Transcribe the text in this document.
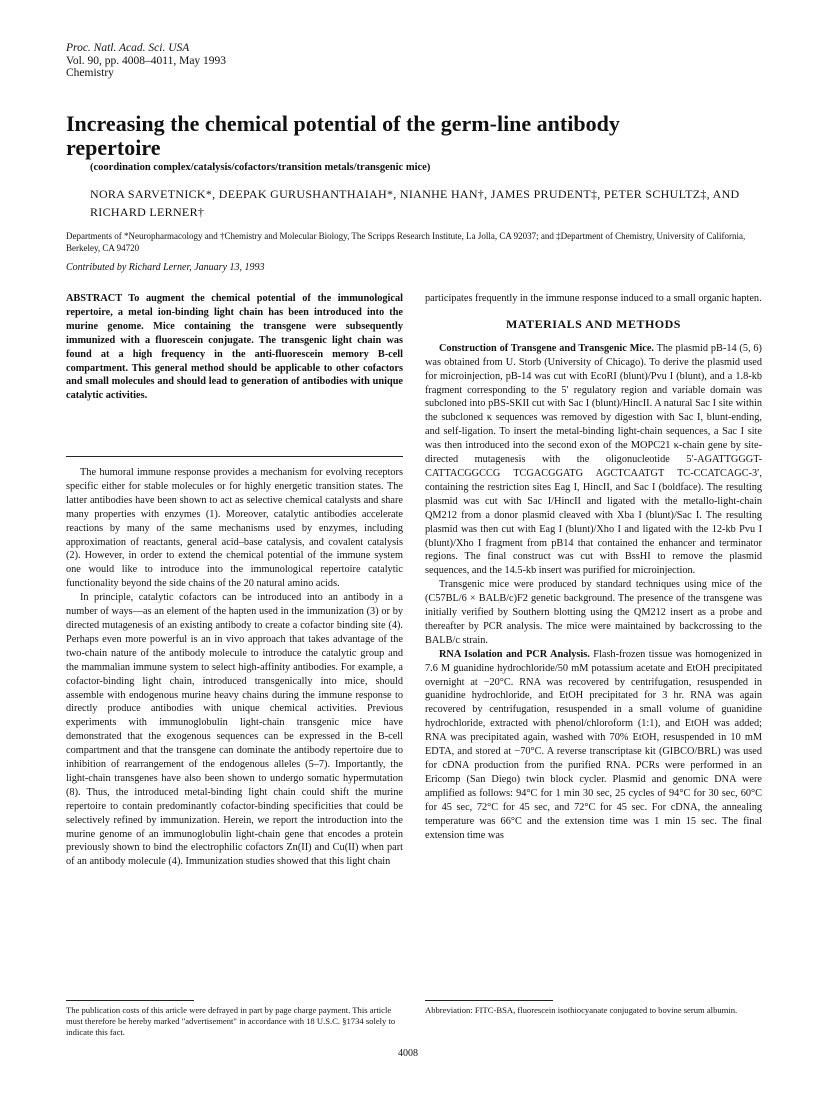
Proc. Natl. Acad. Sci. USA
Vol. 90, pp. 4008–4011, May 1993
Chemistry
Increasing the chemical potential of the germ-line antibody repertoire
(coordination complex/catalysis/cofactors/transition metals/transgenic mice)
NORA SARVETNICK*, DEEPAK GURUSHANTHAIAH*, NIANHE HAN†, JAMES PRUDENT‡, PETER SCHULTZ‡, AND RICHARD LERNER†
Departments of *Neuropharmacology and †Chemistry and Molecular Biology, The Scripps Research Institute, La Jolla, CA 92037; and ‡Department of Chemistry, University of California, Berkeley, CA 94720
Contributed by Richard Lerner, January 13, 1993
ABSTRACT To augment the chemical potential of the immunological repertoire, a metal ion-binding light chain has been introduced into the murine genome. Mice containing the transgene were subsequently immunized with a fluorescein conjugate. The transgenic light chain was found at a high frequency in the anti-fluorescein memory B-cell compartment. This general method should be applicable to other cofactors and small molecules and should lead to generation of antibodies with unique catalytic activities.

The humoral immune response provides a mechanism for evolving receptors specific either for stable molecules or for highly energetic transition states. The latter antibodies have been shown to act as selective chemical catalysts and share many properties with enzymes (1). Moreover, catalytic antibodies accelerate reactions by many of the same mechanisms used by enzymes, including approximation of reactants, general acid–base catalysis, and covalent catalysis (2). However, in order to extend the chemical potential of the immune system one would like to introduce into the immunological repertoire catalytic functionality beyond the side chains of the 20 natural amino acids.

In principle, catalytic cofactors can be introduced into an antibody in a number of ways—as an element of the hapten used in the immunization (3) or by directed mutagenesis of an existing antibody to create a cofactor binding site (4). Perhaps even more powerful is an in vivo approach that takes advantage of the two-chain nature of the antibody molecule to introduce the catalytic group and the mammalian immune system to select high-affinity antibodies. For example, a cofactor-binding light chain, introduced transgenically into mice, should assemble with endogenous murine heavy chains during the immune response to directly produce antibodies with unique chemical activities. Previous experiments with immunoglobulin light-chain transgenic mice have demonstrated that the exogenous sequences can be expressed in the B-cell compartment and that the transgene can dominate the antibody repertoire due to inhibition of rearrangement of the endogenous alleles (5–7). Importantly, the light-chain transgenes have also been shown to undergo somatic hypermutation (8). Thus, the introduced metal-binding light chain could shift the murine repertoire to contain predominantly cofactor-binding specificities that could be selectively refined by immunization. Herein, we report the introduction into the murine genome of an immunoglobulin light-chain gene that encodes a protein previously shown to bind the electrophilic cofactors Zn(II) and Cu(II) when part of an antibody molecule (4). Immunization studies showed that this light chain

participates frequently in the immune response induced to a small organic hapten.

MATERIALS AND METHODS

Construction of Transgene and Transgenic Mice. The plasmid pB-14 (5, 6) was obtained from U. Storb (University of Chicago). To derive the plasmid used for microinjection, pB-14 was cut with EcoRI (blunt)/Pvu I (blunt), and a 1.8-kb fragment corresponding to the 5′ regulatory region and variable domain was subcloned into pBS-SKII cut with Sac I (blunt)/HincII. A natural Sac I site within the subcloned κ sequences was removed by digestion with Sac I, blunt-ending, and self-ligation. To insert the metal-binding light-chain sequences, a Sac I site was then introduced into the second exon of the MOPC21 κ-chain gene by site-directed mutagenesis with the oligonucleotide 5′-AGATTGGGT-CATTACGGCCG TCGACGGATG AGCTCAATGT TC-CCATCAGC-3′, containing the restriction sites Eag I, HincII, and Sac I (boldface). The resulting plasmid was cut with Sac I/HincII and ligated with the metallo-light-chain QM212 from a donor plasmid cleaved with Xba I (blunt)/Sac I. The resulting plasmid was then cut with Eag I (blunt)/Xho I and ligated with the 12-kb Pvu I (blunt)/Xho I fragment from pB14 that contained the enhancer and terminator regions. The final construct was cut with BssHI to remove the plasmid sequences, and the 14.5-kb insert was purified for microinjection.

Transgenic mice were produced by standard techniques using mice of the (C57BL/6 × BALB/c)F2 genetic background. The presence of the transgene was initially verified by Southern blotting using the QM212 insert as a probe and thereafter by PCR analysis. The mice were maintained by backcrossing to the BALB/c strain.

RNA Isolation and PCR Analysis. Flash-frozen tissue was homogenized in 7.6 M guanidine hydrochloride/50 mM potassium acetate and EtOH precipitated overnight at −20°C. RNA was recovered by centrifugation, resuspended in guanidine hydrochloride, and EtOH precipitated for 3 hr. RNA was again recovered by centrifugation, resuspended in a small volume of guanidine hydrochloride, extracted with phenol/chloroform (1:1), and EtOH was added; RNA was precipitated again, washed with 70% EtOH, resuspended in 10 mM EDTA, and stored at −70°C. A reverse transcriptase kit (GIBCO/BRL) was used for cDNA production from the purified RNA. PCRs were performed in an Ericomp (San Diego) twin block cycler. Plasmid and genomic DNA were amplified as follows: 94°C for 1 min 30 sec, 25 cycles of 94°C for 30 sec, 60°C for 45 sec, 72°C for 45 sec, and 72°C for 45 sec. For cDNA, the annealing temperature was 66°C and the extension time was 1 min 15 sec. The final extension time was

The publication costs of this article were defrayed in part by page charge payment. This article must therefore be hereby marked "advertisement" in accordance with 18 U.S.C. §1734 solely to indicate this fact.
Abbreviation: FITC-BSA, fluorescein isothiocyanate conjugated to bovine serum albumin.
4008
